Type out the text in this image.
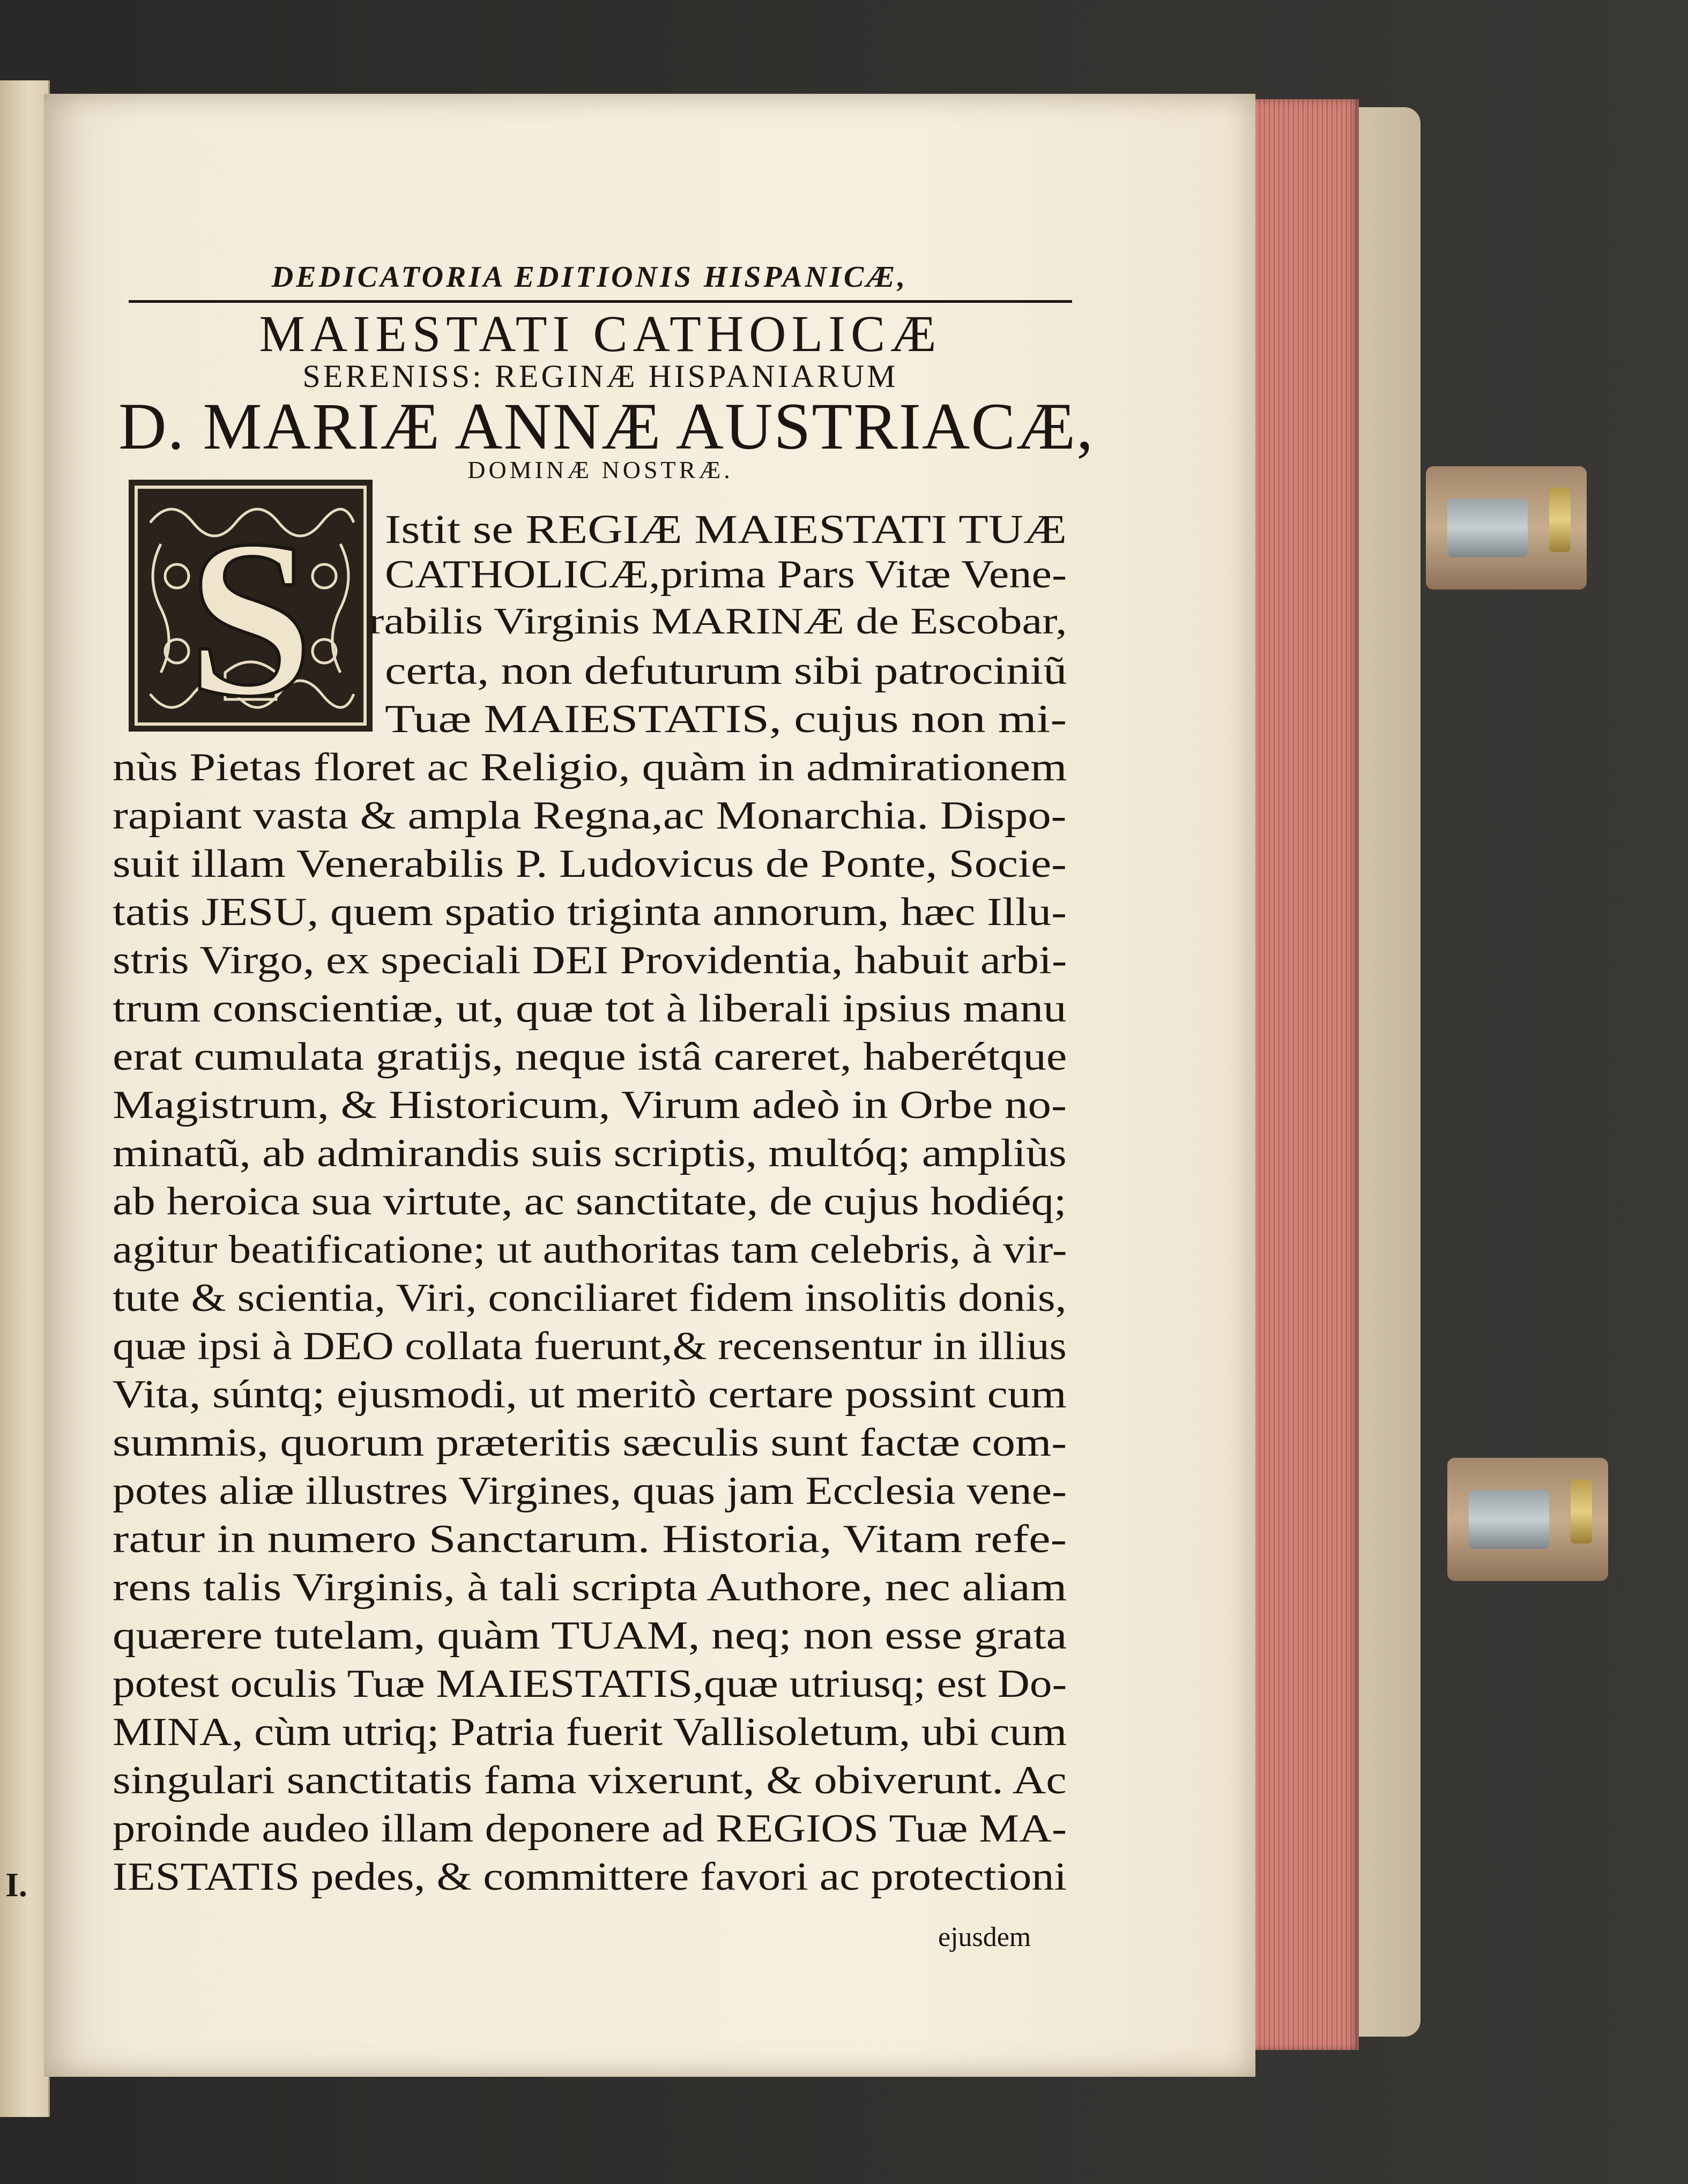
I.
DEDICATORIA EDITIONIS HISPANICÆ,
MAIESTATI CATHOLICÆ
SERENISS: REGINÆ HISPANIARUM
D. MARIÆ ANNÆ AUSTRIACÆ,
DOMINÆ NOSTRÆ.
S Istit se REGIÆ MAIESTATI TUÆ
CATHOLICÆ,prima Pars Vitæ Vene-
rabilis Virginis MARINÆ de Escobar,
certa, non defuturum sibi patrociniũ
Tuæ MAIESTATIS, cujus non mi-
nùs Pietas floret ac Religio, quàm in admirationem
rapiant vasta & ampla Regna,ac Monarchia. Dispo-
suit illam Venerabilis P. Ludovicus de Ponte, Socie-
tatis JESU, quem spatio triginta annorum, hæc Illu-
stris Virgo, ex speciali DEI Providentia, habuit arbi-
trum conscientiæ, ut, quæ tot à liberali ipsius manu
erat cumulata gratijs, neque istâ careret, haberétque
Magistrum, & Historicum, Virum adeò in Orbe no-
minatũ, ab admirandis suis scriptis, multóq; ampliùs
ab heroica sua virtute, ac sanctitate, de cujus hodiéq;
agitur beatificatione; ut authoritas tam celebris, à vir-
tute & scientia, Viri, conciliaret fidem insolitis donis,
quæ ipsi à DEO collata fuerunt,& recensentur in illius
Vita, súntq; ejusmodi, ut meritò certare possint cum
summis, quorum præteritis sæculis sunt factæ com-
potes aliæ illustres Virgines, quas jam Ecclesia vene-
ratur in numero Sanctarum. Historia, Vitam refe-
rens talis Virginis, à tali scripta Authore, nec aliam
quærere tutelam, quàm TUAM, neq; non esse grata
potest oculis Tuæ MAIESTATIS,quæ utriusq; est Do-
MINA, cùm utriq; Patria fuerit Vallisoletum, ubi cum
singulari sanctitatis fama vixerunt, & obiverunt. Ac
proinde audeo illam deponere ad REGIOS Tuæ MA-
IESTATIS pedes, & committere favori ac protectioni
ejusdem
